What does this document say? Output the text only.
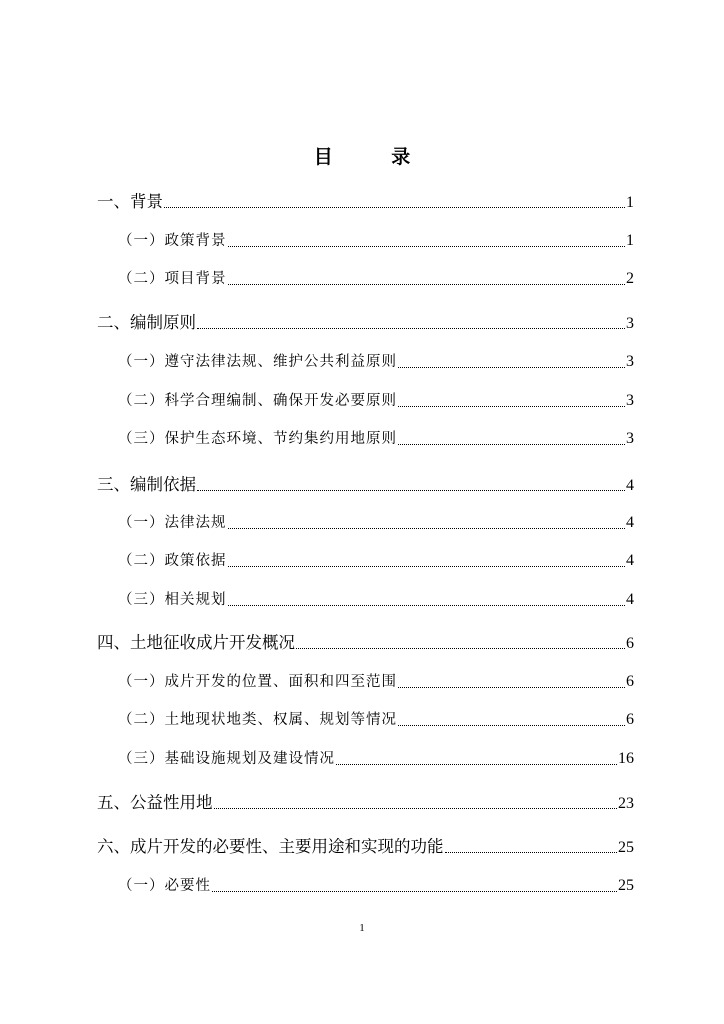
目 录
一、背景	1
（一）政策背景	1
（二）项目背景	2
二、编制原则	3
（一）遵守法律法规、维护公共利益原则	3
（二）科学合理编制、确保开发必要原则	3
（三）保护生态环境、节约集约用地原则	3
三、编制依据	4
（一）法律法规	4
（二）政策依据	4
（三）相关规划	4
四、土地征收成片开发概况	6
（一）成片开发的位置、面积和四至范围	6
（二）土地现状地类、权属、规划等情况	6
（三）基础设施规划及建设情况	16
五、公益性用地	23
六、成片开发的必要性、主要用途和实现的功能	25
（一）必要性	25
1
